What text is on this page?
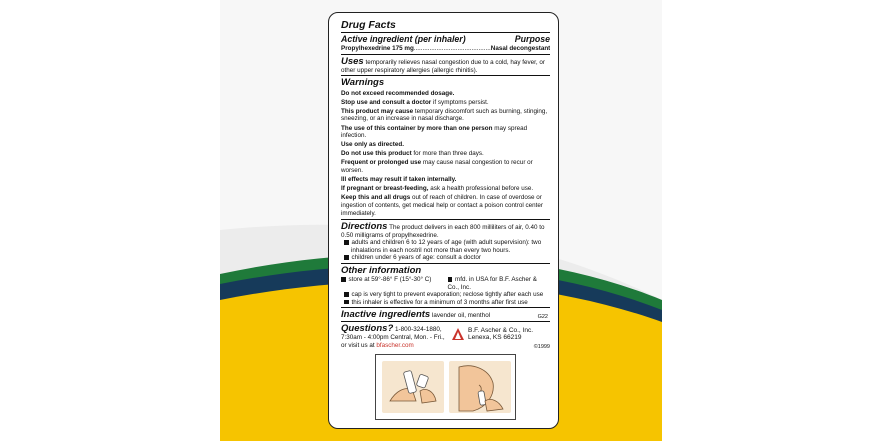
Drug Facts
Active ingredient (per inhaler)	Purpose
Propylhexedrine 175 mg............................................ Nasal decongestant
Uses temporarily relieves nasal congestion due to a cold, hay fever, or other upper respiratory allergies (allergic rhinitis).
Warnings
Do not exceed recommended dosage.
Stop use and consult a doctor if symptoms persist.
This product may cause temporary discomfort such as burning, stinging, sneezing, or an increase in nasal discharge.
The use of this container by more than one person may spread infection.
Use only as directed.
Do not use this product for more than three days.
Frequent or prolonged use may cause nasal congestion to recur or worsen.
Ill effects may result if taken internally.
If pregnant or breast-feeding, ask a health professional before use.
Keep this and all drugs out of reach of children. In case of overdose or ingestion of contents, get medical help or contact a poison control center immediately.
Directions The product delivers in each 800 milliliters of air, 0.40 to 0.50 milligrams of propylhexedrine.
adults and children 6 to 12 years of age (with adult supervision): two inhalations in each nostril not more than every two hours.
children under 6 years of age: consult a doctor
Other information
store at 59°-86° F (15°-30° C)	mfd. in USA for B.F. Ascher & Co., Inc.
cap is very tight to prevent evaporation; reclose tightly after each use
this inhaler is effective for a minimum of 3 months after first use
Inactive ingredients lavender oil, menthol	G22
Questions? 1-800-324-1880, 7:30am - 4:00pm Central, Mon. - Fri., or visit us at bfascher.com
B.F. Ascher & Co., Inc.
Lenexa, KS 66219
©1999
